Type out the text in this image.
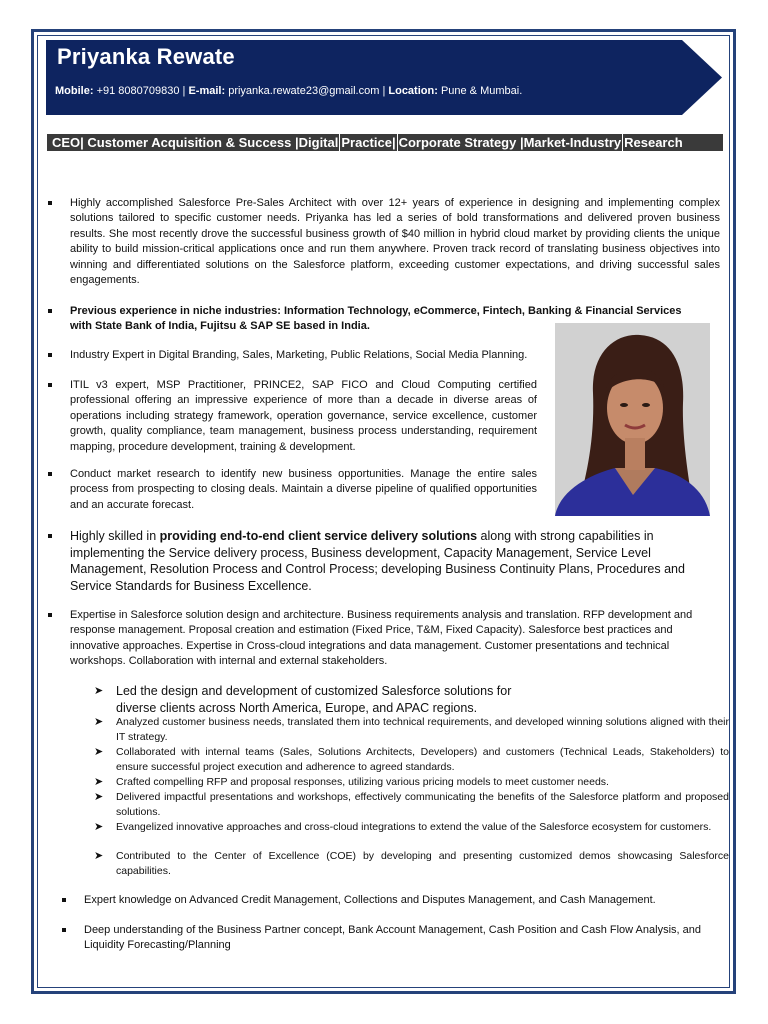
Priyanka Rewate
Mobile: +91 8080709830 | E-mail: priyanka.rewate23@gmail.com | Location: Pune & Mumbai.
CEO| Customer Acquisition & Success |Digital Practice| Corporate Strategy |Market-Industry Research
Highly accomplished Salesforce Pre-Sales Architect with over 12+ years of experience in designing and implementing complex solutions tailored to specific customer needs. Priyanka has led a series of bold transformations and delivered proven business results. She most recently drove the successful business growth of $40 million in hybrid cloud market by providing clients the unique ability to build mission-critical applications once and run them anywhere. Proven track record of translating business objectives into winning and differentiated solutions on the Salesforce platform, exceeding customer expectations, and driving successful sales engagements.
Previous experience in niche industries: Information Technology, eCommerce, Fintech, Banking & Financial Services with State Bank of India, Fujitsu & SAP SE based in India.
Industry Expert in Digital Branding, Sales, Marketing, Public Relations, Social Media Planning.
ITIL v3 expert, MSP Practitioner, PRINCE2, SAP FICO and Cloud Computing certified professional offering an impressive experience of more than a decade in diverse areas of operations including strategy framework, operation governance, service excellence, customer growth, quality compliance, team management, business process understanding, requirement mapping, procedure development, training & development.
Conduct market research to identify new business opportunities. Manage the entire sales process from prospecting to closing deals. Maintain a diverse pipeline of qualified opportunities and an accurate forecast.
Highly skilled in providing end-to-end client service delivery solutions along with strong capabilities in implementing the Service delivery process, Business development, Capacity Management, Service Level Management, Resolution Process and Control Process; developing Business Continuity Plans, Procedures and Service Standards for Business Excellence.
Expertise in Salesforce solution design and architecture. Business requirements analysis and translation. RFP development and response management. Proposal creation and estimation (Fixed Price, T&M, Fixed Capacity). Salesforce best practices and innovative approaches. Expertise in Cross-cloud integrations and data management. Customer presentations and technical workshops. Collaboration with internal and external stakeholders.
➤ Led the design and development of customized Salesforce solutions for diverse clients across North America, Europe, and APAC regions.
➤ Analyzed customer business needs, translated them into technical requirements, and developed winning solutions aligned with their IT strategy.
➤ Collaborated with internal teams (Sales, Solutions Architects, Developers) and customers (Technical Leads, Stakeholders) to ensure successful project execution and adherence to agreed standards.
➤ Crafted compelling RFP and proposal responses, utilizing various pricing models to meet customer needs.
➤ Delivered impactful presentations and workshops, effectively communicating the benefits of the Salesforce platform and proposed solutions.
➤ Evangelized innovative approaches and cross-cloud integrations to extend the value of the Salesforce ecosystem for customers.
➤ Contributed to the Center of Excellence (COE) by developing and presenting customized demos showcasing Salesforce capabilities.
Expert knowledge on Advanced Credit Management, Collections and Disputes Management, and Cash Management.
Deep understanding of the Business Partner concept, Bank Account Management, Cash Position and Cash Flow Analysis, and Liquidity Forecasting/Planning
